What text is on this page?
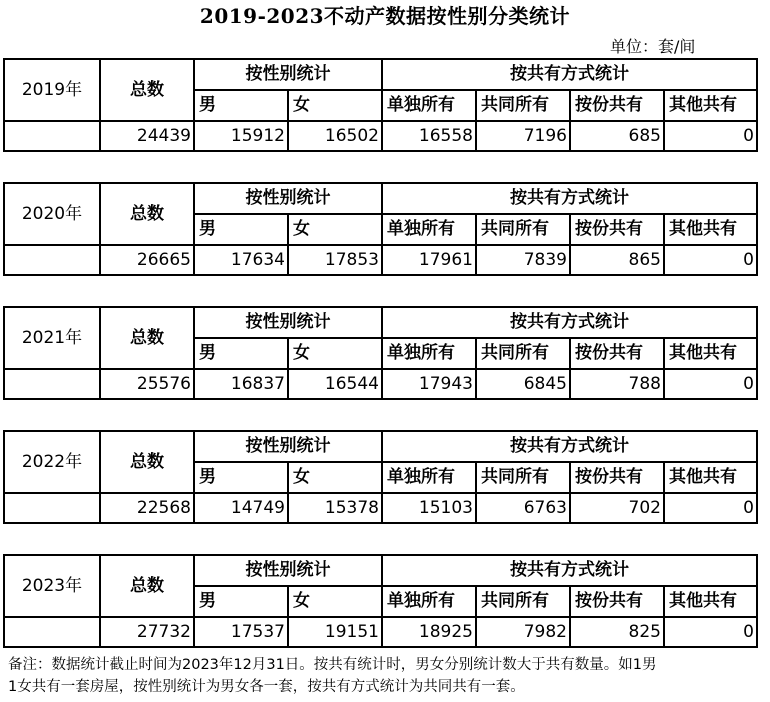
2019-2023不动产数据按性别分类统计
单位：套/间
2019年	总数	按性别统计		按共有方式统计			
		男	女	单独所有	共同所有	按份共有	其他共有
	24439	15912	16502	16558	7196	685	0
2020年	总数	按性别统计		按共有方式统计			
		男	女	单独所有	共同所有	按份共有	其他共有
	26665	17634	17853	17961	7839	865	0
2021年	总数	按性别统计		按共有方式统计			
		男	女	单独所有	共同所有	按份共有	其他共有
	25576	16837	16544	17943	6845	788	0
2022年	总数	按性别统计		按共有方式统计			
		男	女	单独所有	共同所有	按份共有	其他共有
	22568	14749	15378	15103	6763	702	0
2023年	总数	按性别统计		按共有方式统计			
		男	女	单独所有	共同所有	按份共有	其他共有
	27732	17537	19151	18925	7982	825	0
备注：数据统计截止时间为2023年12月31日。按共有统计时，男女分别统计数大于共有数量。如1男
1女共有一套房屋，按性别统计为男女各一套，按共有方式统计为共同共有一套。
